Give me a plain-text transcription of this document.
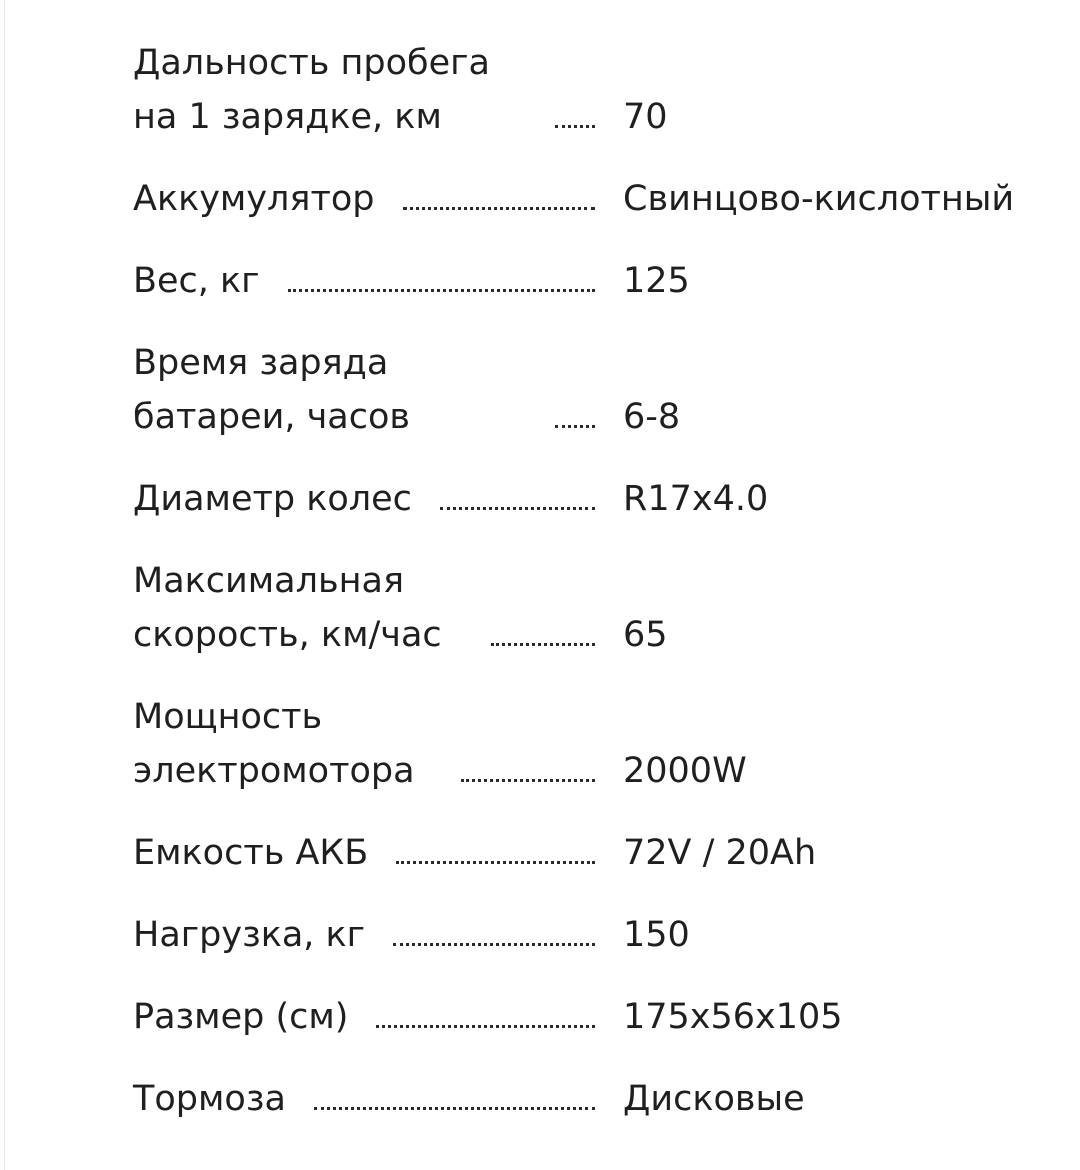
Дальность пробега на 1 зарядке, км	70
Аккумулятор	Свинцово-кислотный
Вес, кг	125
Время заряда батареи, часов	6-8
Диаметр колес	R17x4.0
Максимальная скорость, км/час	65
Мощность электромотора	2000W
Емкость АКБ	72V / 20Ah
Нагрузка, кг	150
Размер (см)	175x56x105
Тормоза	Дисковые
